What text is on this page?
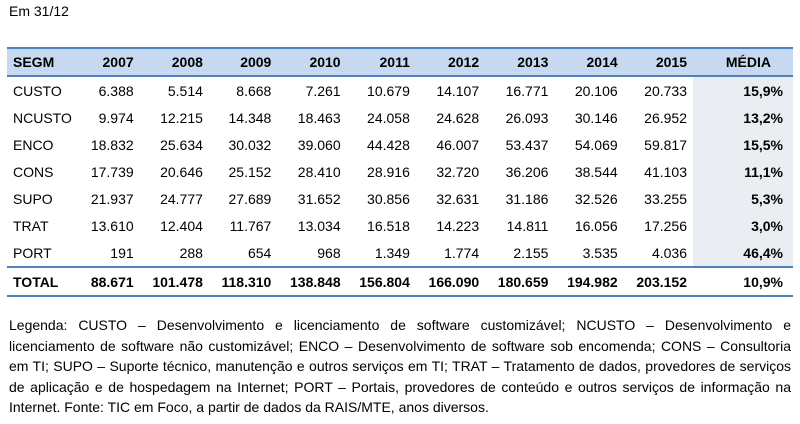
Em 31/12
SEGM	2007	2008	2009	2010	2011	2012	2013	2014	2015	MÉDIA
CUSTO	6.388	5.514	8.668	7.261	10.679	14.107	16.771	20.106	20.733	15,9%
NCUSTO	9.974	12.215	14.348	18.463	24.058	24.628	26.093	30.146	26.952	13,2%
ENCO	18.832	25.634	30.032	39.060	44.428	46.007	53.437	54.069	59.817	15,5%
CONS	17.739	20.646	25.152	28.410	28.916	32.720	36.206	38.544	41.103	11,1%
SUPO	21.937	24.777	27.689	31.652	30.856	32.631	31.186	32.526	33.255	5,3%
TRAT	13.610	12.404	11.767	13.034	16.518	14.223	14.811	16.056	17.256	3,0%
PORT	191	288	654	968	1.349	1.774	2.155	3.535	4.036	46,4%
TOTAL	88.671	101.478	118.310	138.848	156.804	166.090	180.659	194.982	203.152	10,9%

Legenda: CUSTO – Desenvolvimento e licenciamento de software customizável; NCUSTO – Desenvolvimento e licenciamento de software não customizável; ENCO – Desenvolvimento de software sob encomenda; CONS – Consultoria em TI; SUPO – Suporte técnico, manutenção e outros serviços em TI; TRAT – Tratamento de dados, provedores de serviços de aplicação e de hospedagem na Internet; PORT – Portais, provedores de conteúdo e outros serviços de informação na Internet. Fonte: TIC em Foco, a partir de dados da RAIS/MTE, anos diversos.
